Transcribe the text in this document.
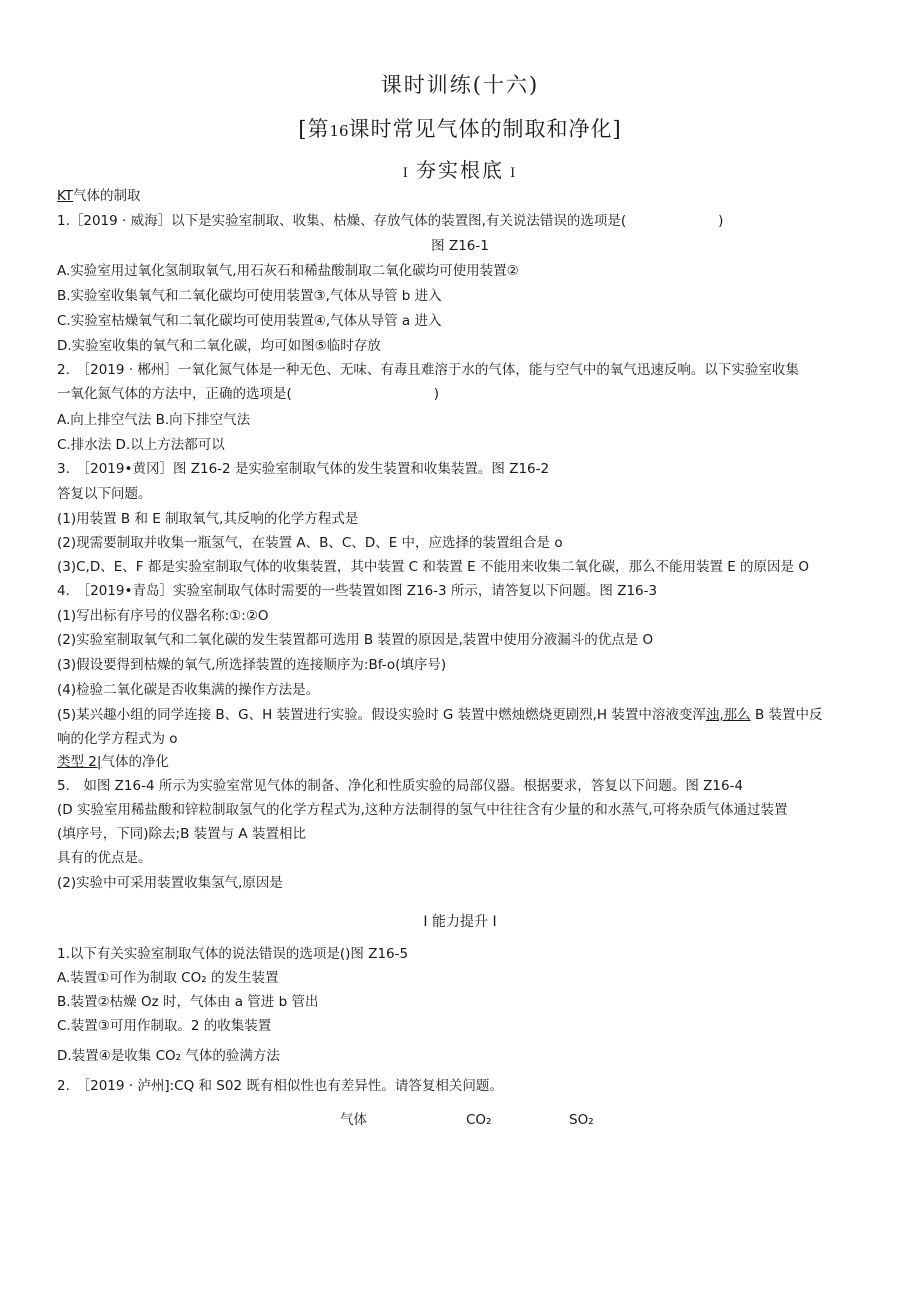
课时训练(十六)
[第16课时常见气体的制取和净化]
I 夯实根底 I
KT气体的制取
1.［2019 · 威海］以下是实验室制取、收集、枯燥、存放气体的装置图,有关说法错误的选项是(	)
图 Z16-1
A.实验室用过氧化氢制取氧气,用石灰石和稀盐酸制取二氧化碳均可使用装置②
B.实验室收集氧气和二氧化碳均可使用装置③,气体从导管 b 进入
C.实验室枯燥氧气和二氧化碳均可使用装置④,气体从导管 a 进入
D.实验室收集的氧气和二氧化碳，均可如图⑤临时存放
2.　［2019 · 郴州］一氧化氮气体是一种无色、无味、有毒且难溶于水的气体，能与空气中的氧气迅速反响。以下实验室收集
一氧化氮气体的方法中，正确的选项是(	)
A.向上排空气法 B.向下排空气法
C.排水法 D.以上方法都可以
3.　［2019•黄冈］图 Z16-2 是实验室制取气体的发生装置和收集装置。图 Z16-2
答复以下问题。
(1)用装置 B 和 E 制取氧气,其反响的化学方程式是
(2)现需要制取并收集一瓶氢气，在装置 A、B、C、D、E 中，应选择的装置组合是 o
(3)C,D、E、F 都是实验室制取气体的收集装置，其中装置 C 和装置 E 不能用来收集二氧化碳，那么不能用装置 E 的原因是 O
4.　［2019•青岛］实验室制取气体时需要的一些装置如图 Z16-3 所示，请答复以下问题。图 Z16-3
(1)写出标有序号的仪器名称:①:②O
(2)实验室制取氧气和二氧化碳的发生装置都可选用 B 装置的原因是,装置中使用分液漏斗的优点是 O
(3)假设要得到枯燥的氧气,所选择装置的连接顺序为:Bf-o(填序号)
(4)检验二氧化碳是否收集满的操作方法是。
(5)某兴趣小组的同学连接 B、G、H 装置进行实验。假设实验时 G 装置中燃烛燃烧更剧烈,H 装置中溶液变浑浊,那么 B 装置中反
响的化学方程式为 o
类型 2|气体的净化
5.　如图 Z16-4 所示为实验室常见气体的制备、净化和性质实验的局部仪器。根据要求，答复以下问题。图 Z16-4
(D 实验室用稀盐酸和锌粒制取氢气的化学方程式为,这种方法制得的氢气中往往含有少量的和水蒸气,可将杂质气体通过装置
(填序号，下同)除去;B 装置与 A 装置相比
具有的优点是。
(2)实验中可采用装置收集氢气,原因是
I 能力提升 I
1.以下有关实验室制取气体的说法错误的选项是()图 Z16-5
A.装置①可作为制取 CO₂ 的发生装置
B.装置②枯燥 Oz 时，气体由 a 管进 b 管出
C.装置③可用作制取。2 的收集装置
D.装置④是收集 CO₂ 气体的验满方法
2.　［2019 · 泸州]:CQ 和 S02 既有相似性也有差异性。请答复相关问题。
气体	CO₂	SO₂
